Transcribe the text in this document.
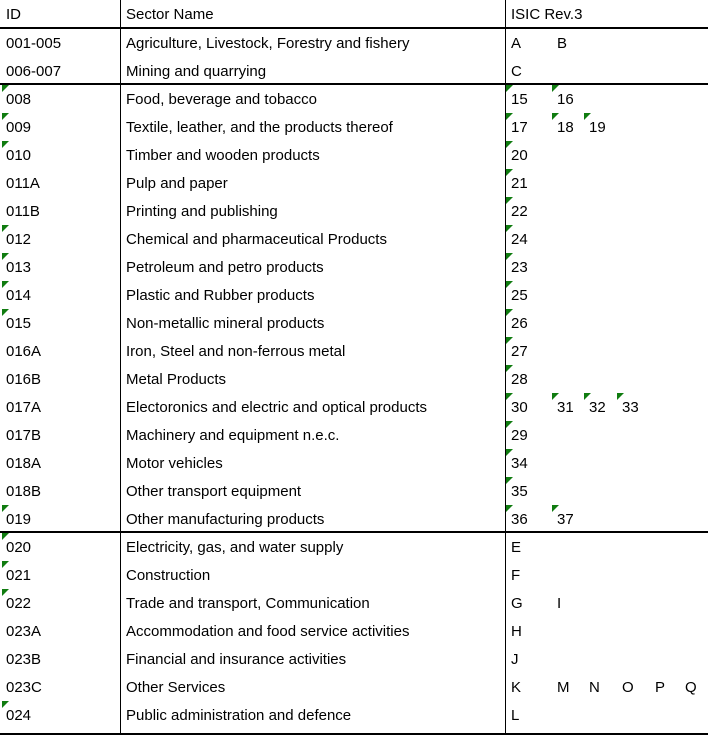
ID	Sector Name	ISIC Rev.3
001-005	Agriculture, Livestock, Forestry and fishery	A B
006-007	Mining and quarrying	C
008	Food, beverage and tobacco	15 16
009	Textile, leather, and the products thereof	17 18 19
010	Timber and wooden products	20
011A	Pulp and paper	21
011B	Printing and publishing	22
012	Chemical and pharmaceutical Products	24
013	Petroleum and petro products	23
014	Plastic and Rubber products	25
015	Non-metallic mineral products	26
016A	Iron, Steel and non-ferrous metal	27
016B	Metal Products	28
017A	Electoronics and electric and optical products	30 31 32 33
017B	Machinery and equipment n.e.c.	29
018A	Motor vehicles	34
018B	Other transport equipment	35
019	Other manufacturing products	36 37
020	Electricity, gas, and water supply	E
021	Construction	F
022	Trade and transport, Communication	G I
023A	Accommodation and food service activities	H
023B	Financial and insurance activities	J
023C	Other Services	K M N O P Q
024	Public administration and defence	L
